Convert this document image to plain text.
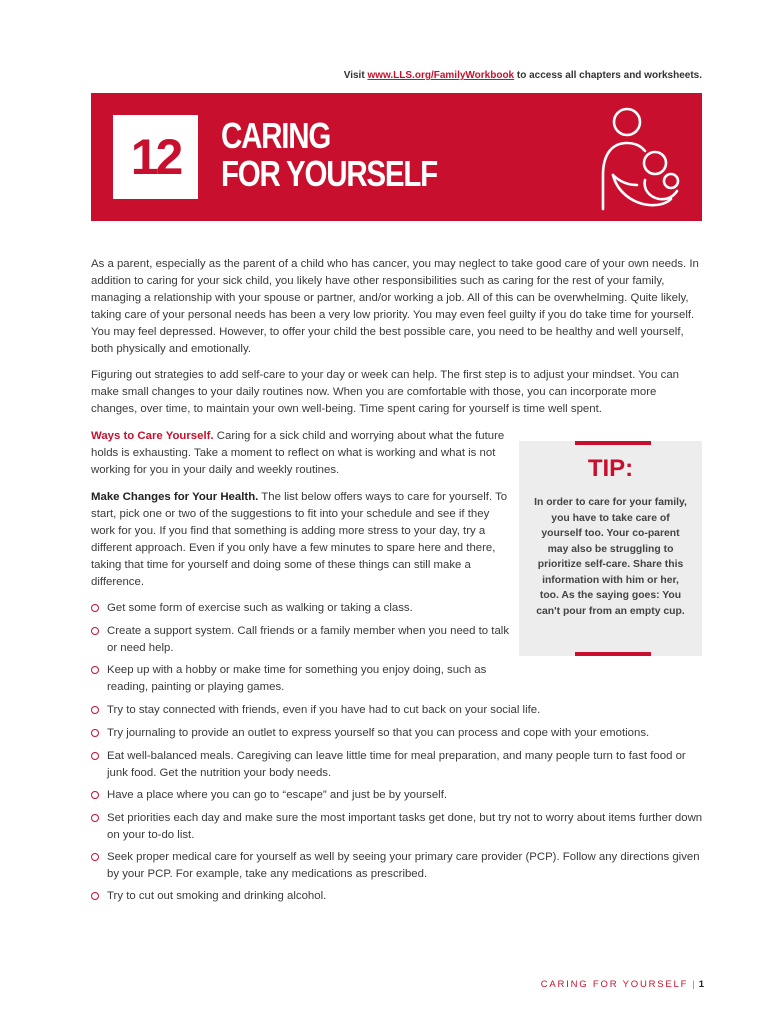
Visit www.LLS.org/FamilyWorkbook to access all chapters and worksheets.
12	CARING
FOR YOURSELF

As a parent, especially as the parent of a child who has cancer, you may neglect to take good care of your own needs. In addition to caring for your sick child, you likely have other responsibilities such as caring for the rest of your family, managing a relationship with your spouse or partner, and/or working a job. All of this can be overwhelming. Quite likely, taking care of your personal needs has been a very low priority. You may even feel guilty if you do take time for yourself. You may feel depressed. However, to offer your child the best possible care, you need to be healthy and well yourself, both physically and emotionally.

Figuring out strategies to add self-care to your day or week can help. The first step is to adjust your mindset. You can make small changes to your daily routines now. When you are comfortable with those, you can incorporate more changes, over time, to maintain your own well-being. Time spent caring for yourself is time well spent.

Ways to Care Yourself. Caring for a sick child and worrying about what the future holds is exhausting. Take a moment to reflect on what is working and what is not working for you in your daily and weekly routines.

Make Changes for Your Health. The list below offers ways to care for yourself. To start, pick one or two of the suggestions to fit into your schedule and see if they work for you. If you find that something is adding more stress to your day, try a different approach. Even if you only have a few minutes to spare here and there, taking that time for yourself and doing some of these things can still make a difference.

TIP:
In order to care for your family, you have to take care of yourself too. Your co-parent may also be struggling to prioritize self-care. Share this information with him or her, too. As the saying goes: You can't pour from an empty cup.

Get some form of exercise such as walking or taking a class.

Create a support system. Call friends or a family member when you need to talk or need help.

Keep up with a hobby or make time for something you enjoy doing, such as reading, painting or playing games.

Try to stay connected with friends, even if you have had to cut back on your social life.

Try journaling to provide an outlet to express yourself so that you can process and cope with your emotions.

Eat well-balanced meals. Caregiving can leave little time for meal preparation, and many people turn to fast food or junk food. Get the nutrition your body needs.

Have a place where you can go to “escape” and just be by yourself.

Set priorities each day and make sure the most important tasks get done, but try not to worry about items further down on your to-do list.

Seek proper medical care for yourself as well by seeing your primary care provider (PCP). Follow any directions given by your PCP. For example, take any medications as prescribed.

Try to cut out smoking and drinking alcohol.

CARING FOR YOURSELF | 1
